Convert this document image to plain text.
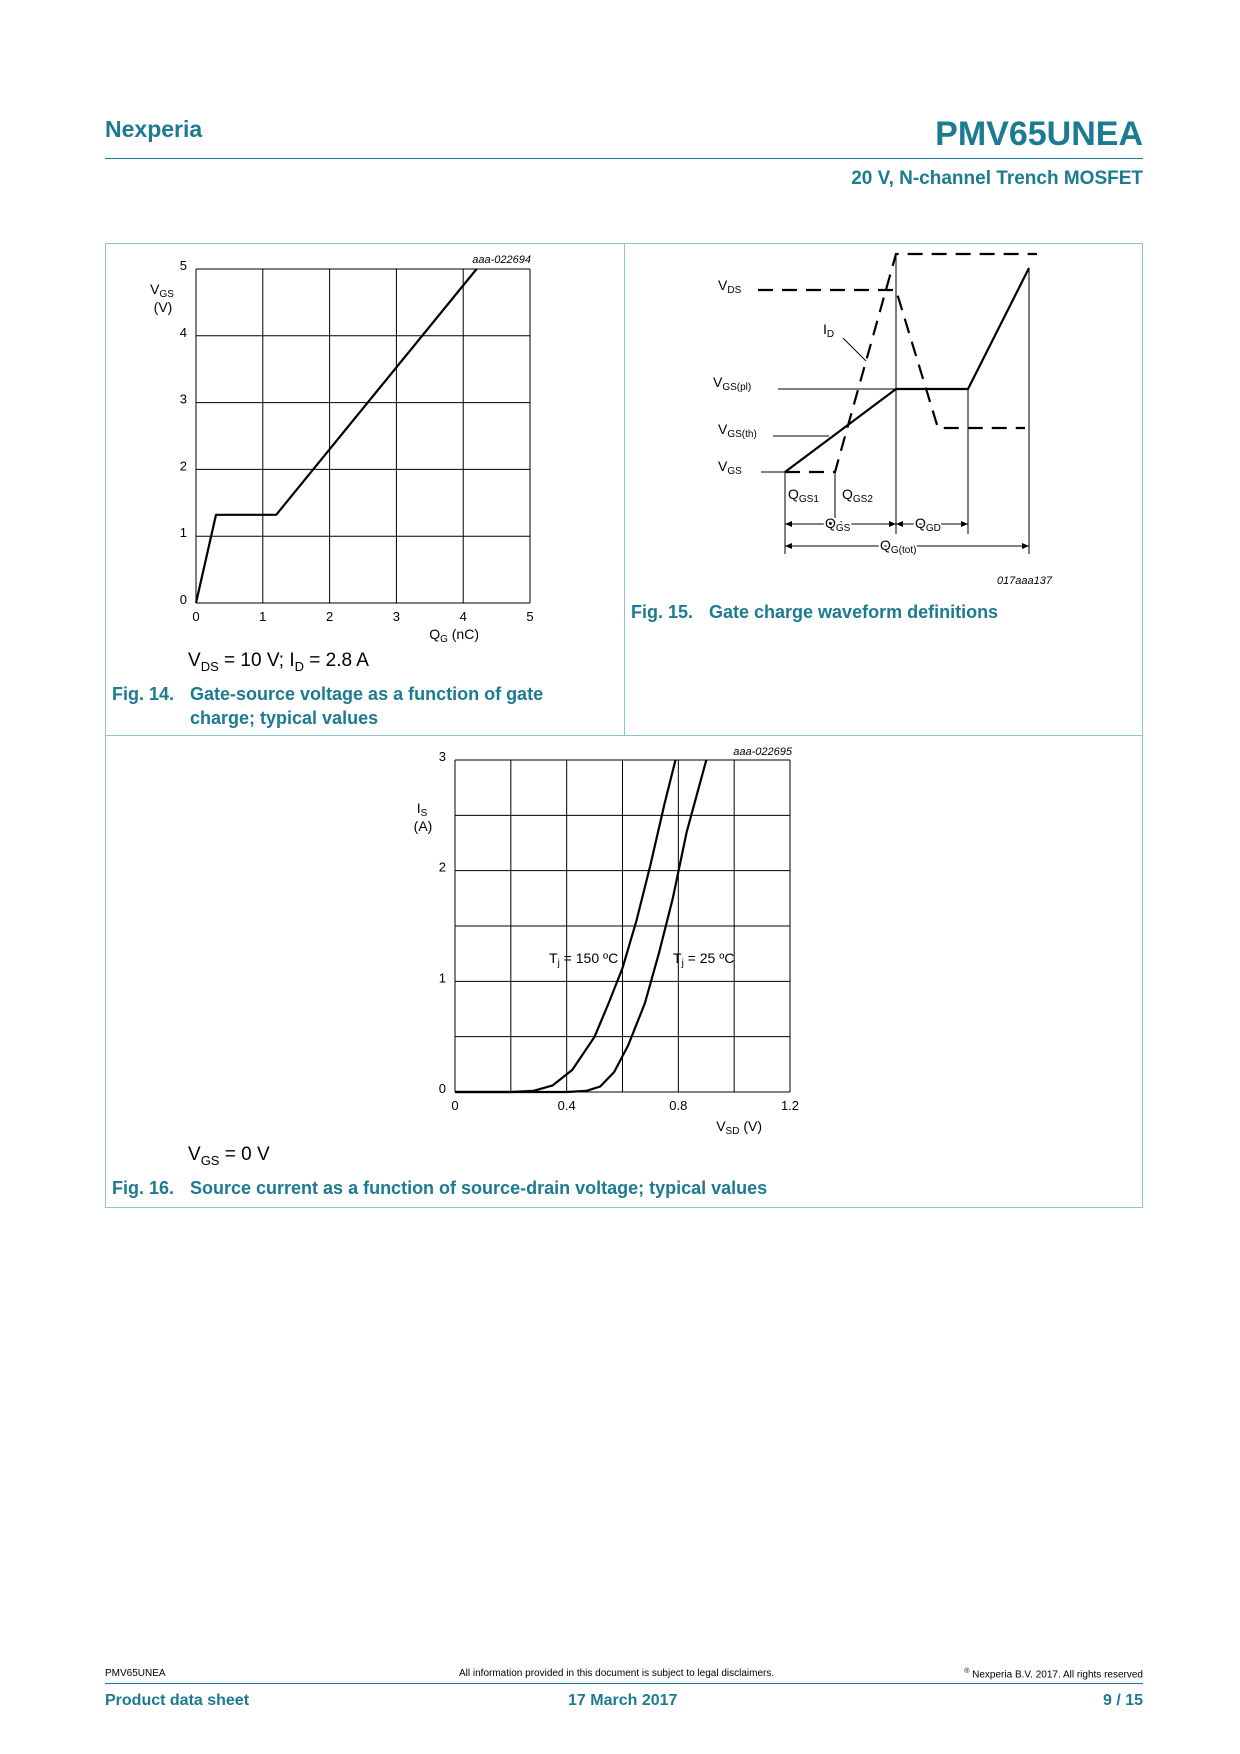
Nexperia	PMV65UNEA
20 V, N-channel Trench MOSFET
aaa-022694
$V_{GS}$
(V)
$Q_G$ (nC)
0	1	2	3	4	5
0
1
2
3
4
5
$V_{DS} = 10$ V; $I_D = 2.8$ A
Fig. 14. Gate-source voltage as a function of gate
charge; typical values
$V_{DS}$
$I_D$
$V_{GS(pl)}$
$V_{GS(th)}$
$V_{GS}$
$Q_{GS1}$ $Q_{GS2}$
$Q_{GS}$	$Q_{GD}$
$Q_{G(tot)}$
017aaa137
Fig. 15. Gate charge waveform definitions
aaa-022695
$I_S$
(A)
$V_{SD}$ (V)
$T_j = 150$ ºC	$T_j = 25$ ºC
0	0.4	0.8	1.2
0
1
2
3
$V_{GS} = 0$ V
Fig. 16. Source current as a function of source-drain voltage; typical values
PMV65UNEA	All information provided in this document is subject to legal disclaimers.	® Nexperia B.V. 2017. All rights reserved
Product data sheet	17 March 2017	9 / 15
